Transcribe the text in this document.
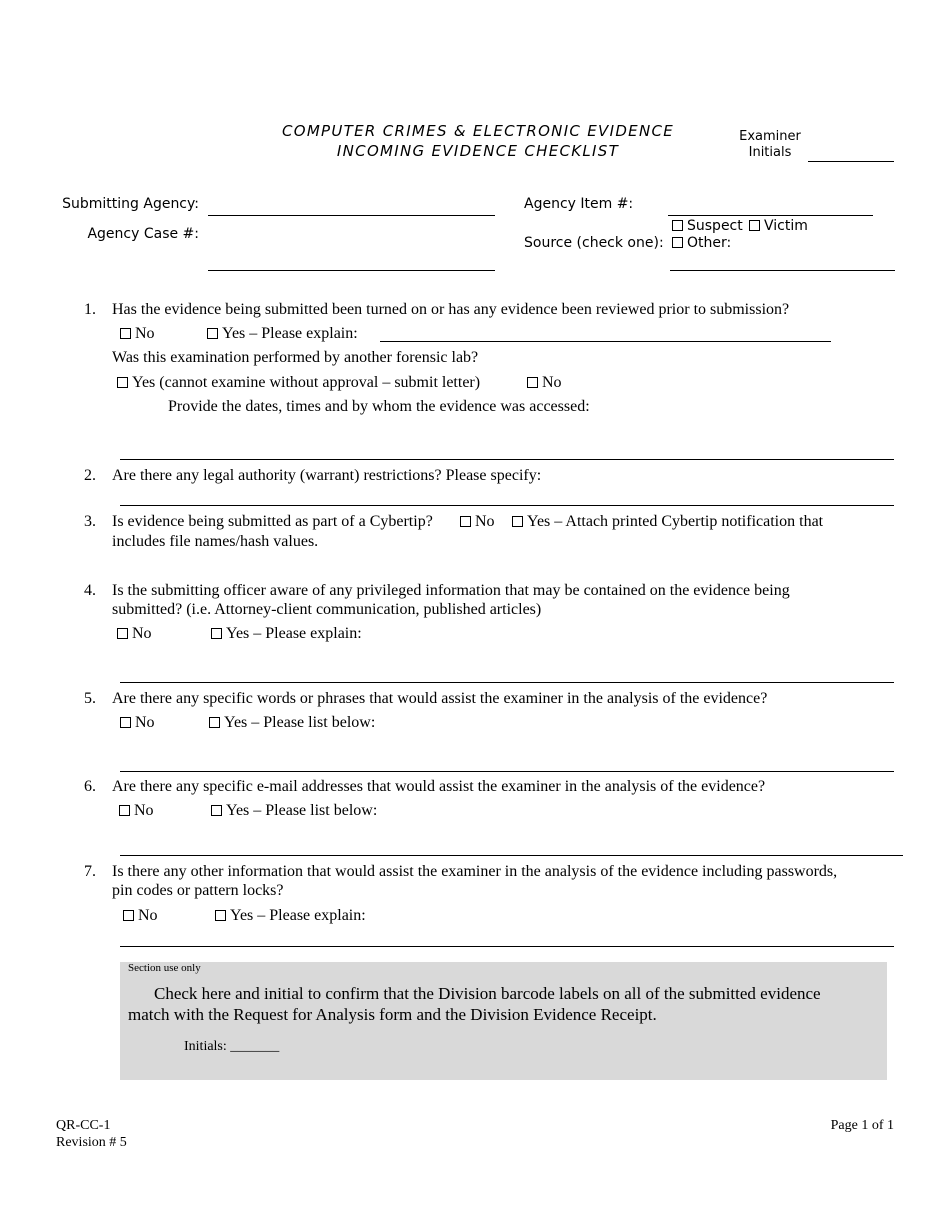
COMPUTER CRIMES & ELECTRONIC EVIDENCE
INCOMING EVIDENCE CHECKLIST
Examiner
Initials
Submitting Agency:
Agency Case #:
Agency Item #:
Source (check one):
Suspect	Victim
Other:
1. Has the evidence being submitted been turned on or has any evidence been reviewed prior to submission?
No	Yes – Please explain:
Was this examination performed by another forensic lab?
Yes (cannot examine without approval – submit letter)	No
Provide the dates, times and by whom the evidence was accessed:
2. Are there any legal authority (warrant) restrictions? Please specify:
3. Is evidence being submitted as part of a Cybertip?	No	Yes – Attach printed Cybertip notification that
includes file names/hash values.
4. Is the submitting officer aware of any privileged information that may be contained on the evidence being
submitted? (i.e. Attorney-client communication, published articles)
No	Yes – Please explain:
5. Are there any specific words or phrases that would assist the examiner in the analysis of the evidence?
No	Yes – Please list below:
6. Are there any specific e-mail addresses that would assist the examiner in the analysis of the evidence?
No	Yes – Please list below:
7. Is there any other information that would assist the examiner in the analysis of the evidence including passwords,
pin codes or pattern locks?
No	Yes – Please explain:
Section use only
Check here and initial to confirm that the Division barcode labels on all of the submitted evidence
match with the Request for Analysis form and the Division Evidence Receipt.
Initials: _______
QR-CC-1
Revision # 5
Page 1 of 1
